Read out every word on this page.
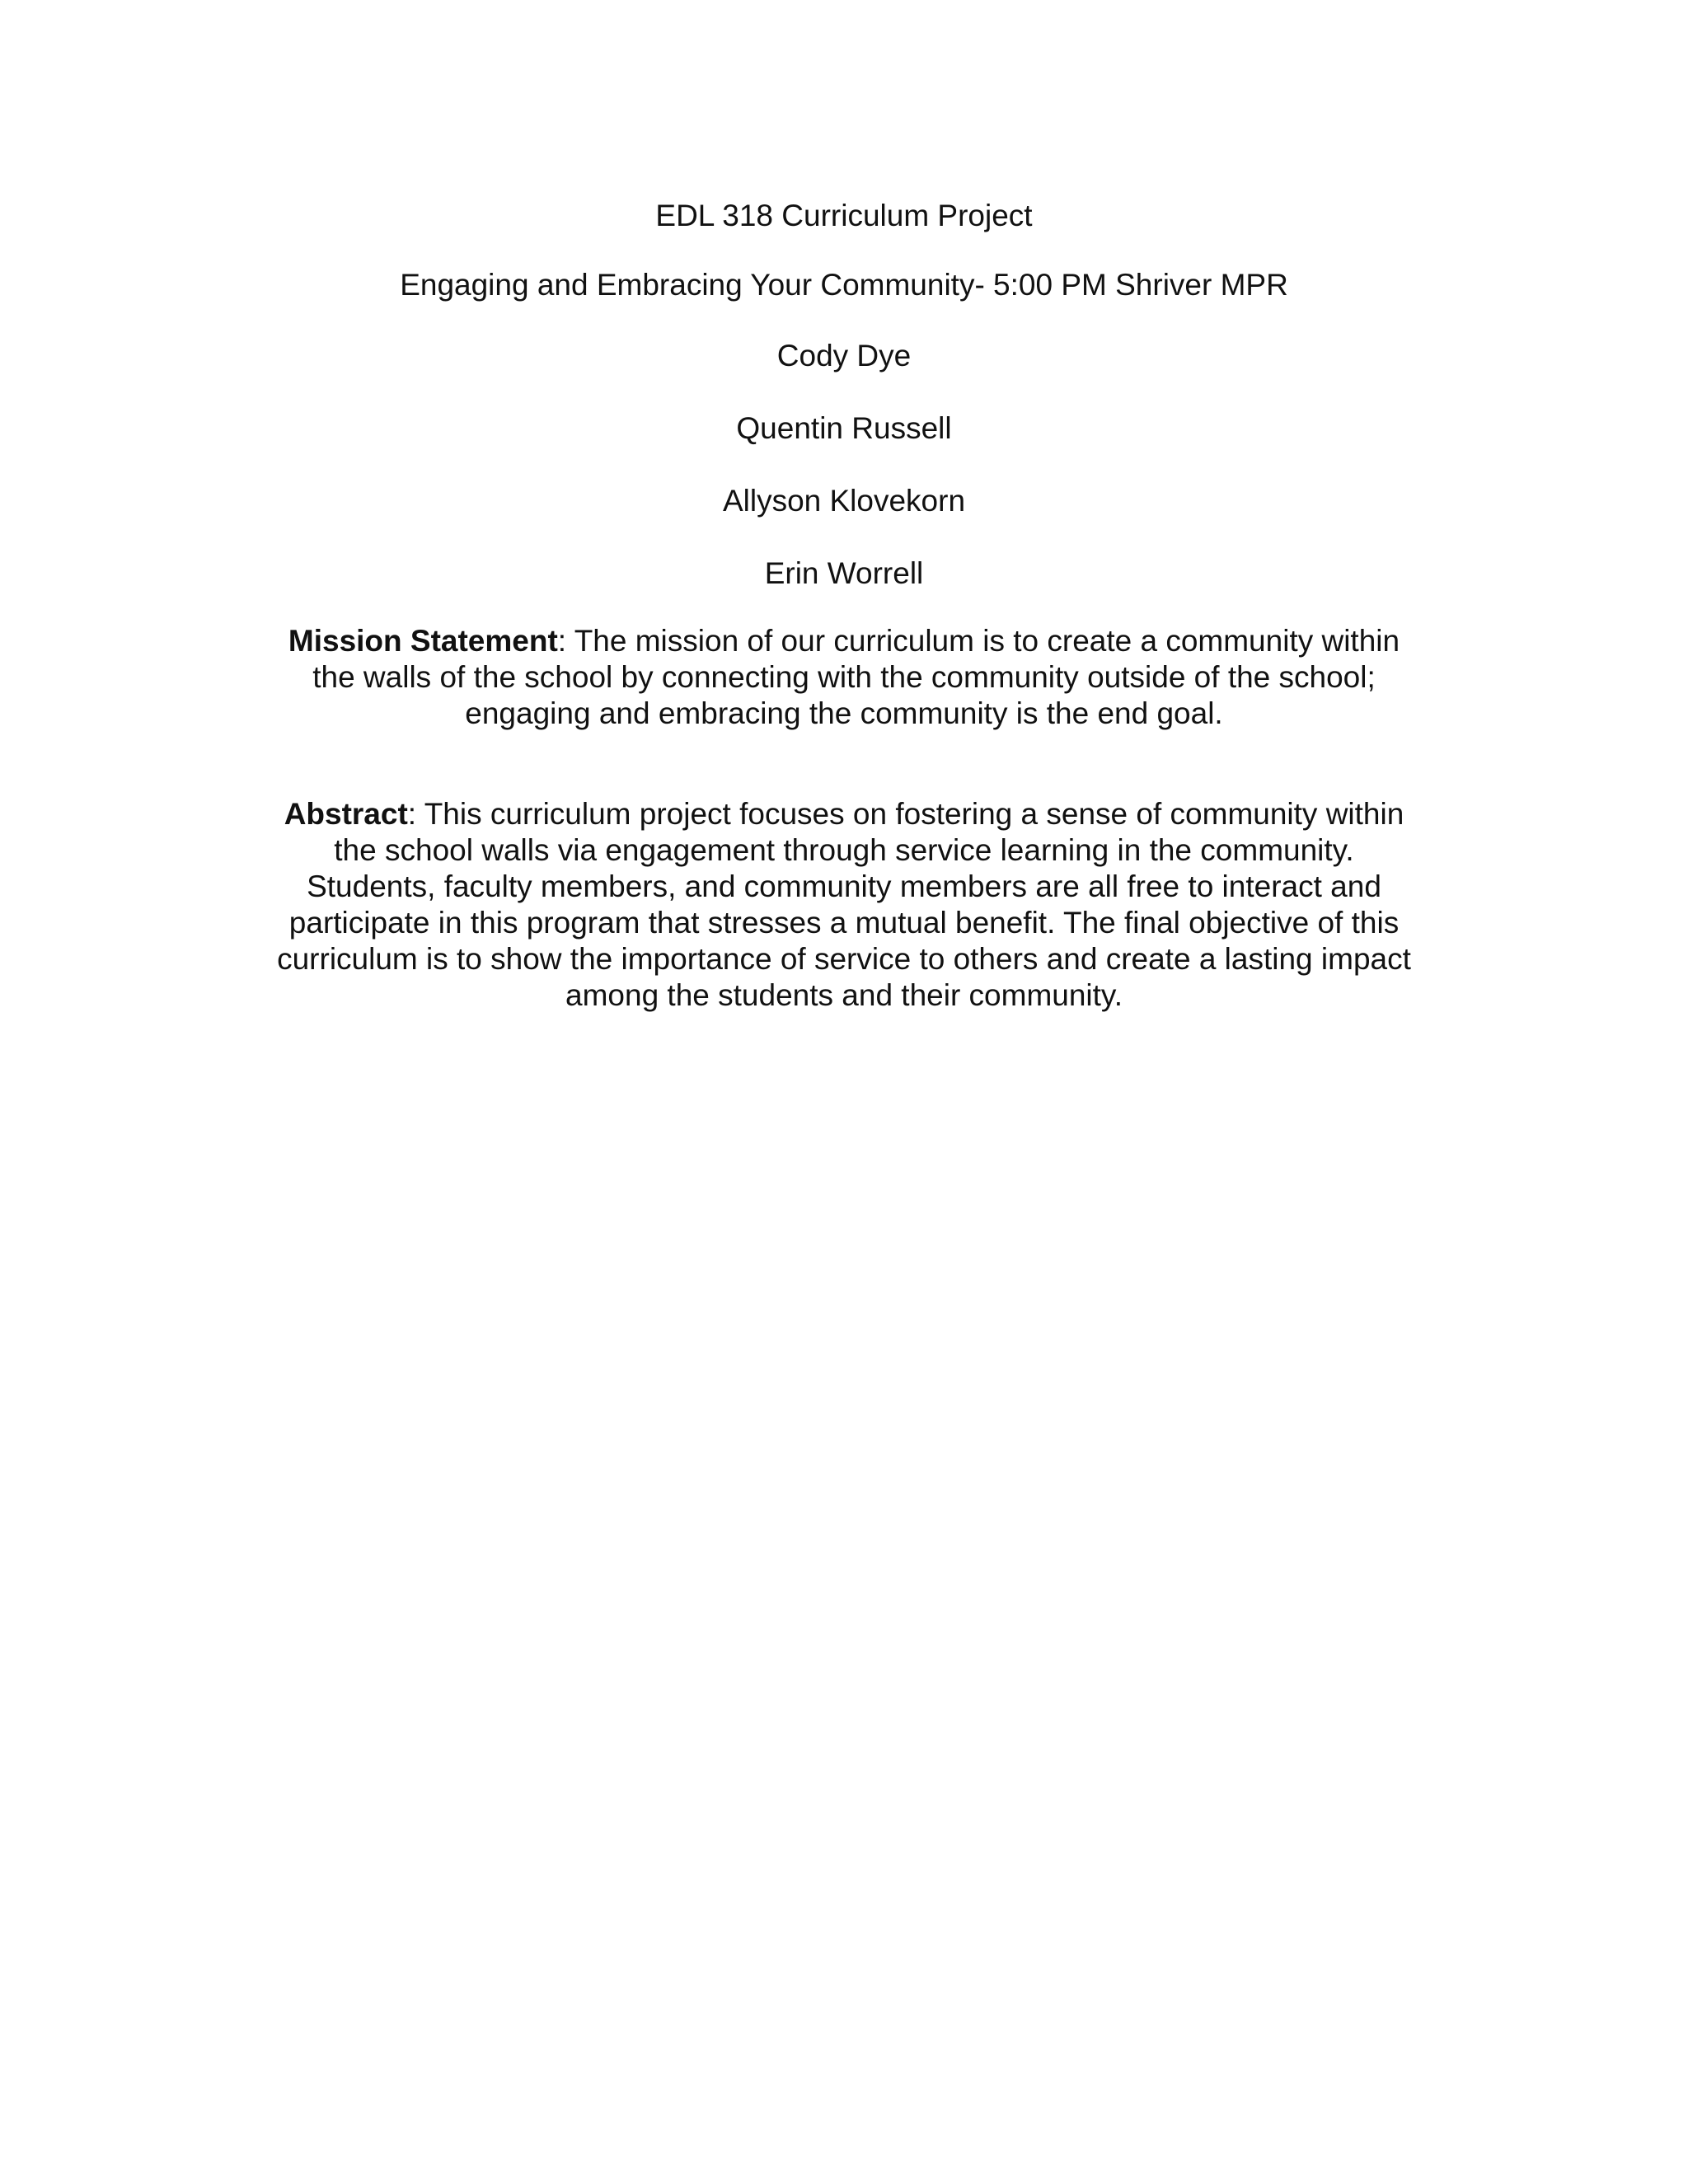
EDL 318 Curriculum Project
Engaging and Embracing Your Community- 5:00 PM Shriver MPR
Cody Dye
Quentin Russell
Allyson Klovekorn
Erin Worrell
Mission Statement: The mission of our curriculum is to create a community within
the walls of the school by connecting with the community outside of the school;
engaging and embracing the community is the end goal.
Abstract: This curriculum project focuses on fostering a sense of community within
the school walls via engagement through service learning in the community.
Students, faculty members, and community members are all free to interact and
participate in this program that stresses a mutual benefit. The final objective of this
curriculum is to show the importance of service to others and create a lasting impact
among the students and their community.
